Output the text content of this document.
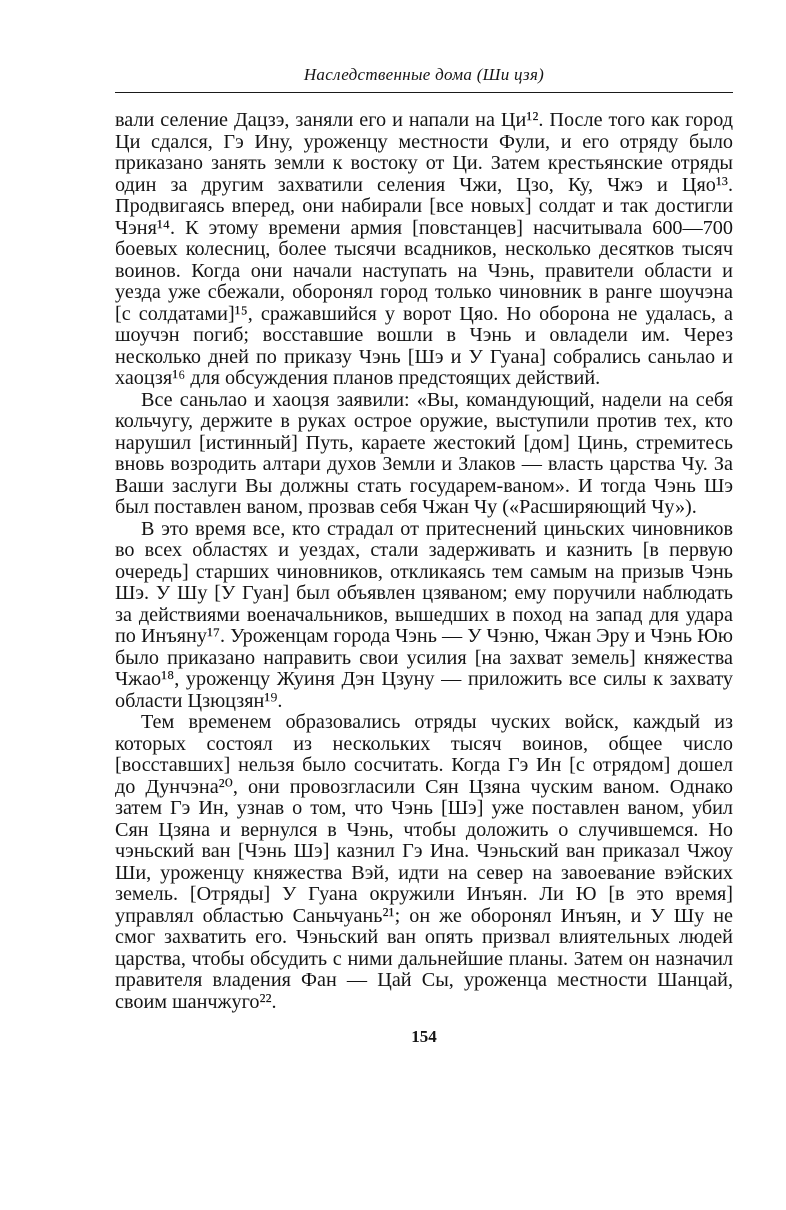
Наследственные дома (Ши цзя)

вали селение Дацзэ, заняли его и напали на Ци¹². После того как город Ци сдался, Гэ Ину, уроженцу местности Фули, и его отряду было приказано занять земли к востоку от Ци. Затем крестьянские отряды один за другим захватили селения Чжи, Цзо, Ку, Чжэ и Цяо¹³. Продвигаясь вперед, они набирали [все новых] солдат и так достигли Чэня¹⁴. К этому времени армия [повстанцев] насчитывала 600—700 боевых колесниц, более тысячи всадников, несколько десятков тысяч воинов. Когда они начали наступать на Чэнь, правители области и уезда уже сбежали, оборонял город только чиновник в ранге шоучэна [с солдатами]¹⁵, сражавшийся у ворот Цяо. Но оборона не удалась, а шоучэн погиб; восставшие вошли в Чэнь и овладели им. Через несколько дней по приказу Чэнь [Шэ и У Гуана] собрались саньлао и хаоцзя¹⁶ для обсуждения планов предстоящих действий.

Все саньлао и хаоцзя заявили: «Вы, командующий, надели на себя кольчугу, держите в руках острое оружие, выступили против тех, кто нарушил [истинный] Путь, караете жестокий [дом] Цинь, стремитесь вновь возродить алтари духов Земли и Злаков — власть царства Чу. За Ваши заслуги Вы должны стать государем-ваном». И тогда Чэнь Шэ был поставлен ваном, прозвав себя Чжан Чу («Расширяющий Чу»).

В это время все, кто страдал от притеснений циньских чиновников во всех областях и уездах, стали задерживать и казнить [в первую очередь] старших чиновников, откликаясь тем самым на призыв Чэнь Шэ. У Шу [У Гуан] был объявлен цзяваном; ему поручили наблюдать за действиями военачальников, вышедших в поход на запад для удара по Инъяну¹⁷. Уроженцам города Чэнь — У Чэню, Чжан Эру и Чэнь Юю было приказано направить свои усилия [на захват земель] княжества Чжао¹⁸, уроженцу Жуиня Дэн Цзуну — приложить все силы к захвату области Цзюцзян¹⁹.

Тем временем образовались отряды чуских войск, каждый из которых состоял из нескольких тысяч воинов, общее число [восставших] нельзя было сосчитать. Когда Гэ Ин [с отрядом] дошел до Дунчэна²⁰, они провозгласили Сян Цзяна чуским ваном. Однако затем Гэ Ин, узнав о том, что Чэнь [Шэ] уже поставлен ваном, убил Сян Цзяна и вернулся в Чэнь, чтобы доложить о случившемся. Но чэньский ван [Чэнь Шэ] казнил Гэ Ина. Чэньский ван приказал Чжоу Ши, уроженцу княжества Вэй, идти на север на завоевание вэйских земель. [Отряды] У Гуана окружили Инъян. Ли Ю [в это время] управлял областью Саньчуань²¹; он же оборонял Инъян, и У Шу не смог захватить его. Чэньский ван опять призвал влиятельных людей царства, чтобы обсудить с ними дальнейшие планы. Затем он назначил правителя владения Фан — Цай Сы, уроженца местности Шанцай, своим шанчжуго²².

154
